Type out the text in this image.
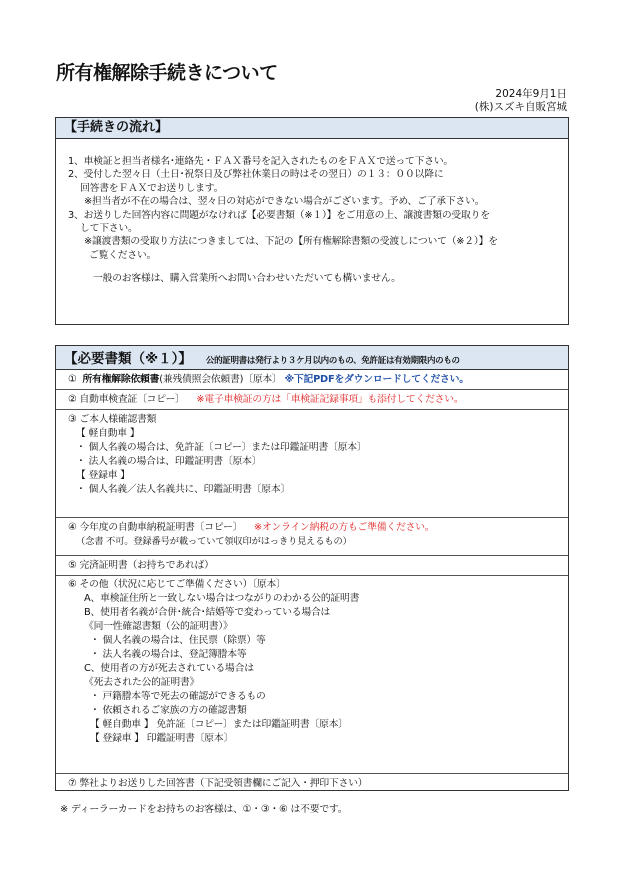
所有権解除手続きについて
2024年9月1日
(株)スズキ自販宮城
【手続きの流れ】
1、車検証と担当者様名･連絡先・ＦＡＸ番号を記入されたものをＦＡＸで送って下さい。
2、受付した翌々日（土日･祝祭日及び弊社休業日の時はその翌日）の１３：００以降に
回答書をＦＡＸでお送りします。
※担当者が不在の場合は、翌々日の対応ができない場合がございます。予め、ご了承下さい。
3、お送りした回答内容に問題がなければ【必要書類（※１）】をご用意の上、譲渡書類の受取りを
して下さい。
※譲渡書類の受取り方法につきましては、下記の【所有権解除書類の受渡しについて（※２）】を
ご覧ください。
一般のお客様は、購入営業所へお問い合わせいただいても構いません。
【必要書類（※１）】 公的証明書は発行より３ケ月以内のもの、免許証は有効期限内のもの
① 所有権解除依頼書(兼残債照会依頼書)〔原本〕 ※下記PDFをダウンロードしてください。
② 自動車検査証〔コピー〕 ※電子車検証の方は「車検証記録事項」も添付してください。
③ ご本人様確認書類
【 軽自動車 】
・ 個人名義の場合は、免許証〔コピー〕または印鑑証明書〔原本〕
・ 法人名義の場合は、印鑑証明書〔原本〕
【 登録車 】
・ 個人名義／法人名義共に、印鑑証明書〔原本〕
④ 今年度の自動車納税証明書〔コピー〕 ※オンライン納税の方もご準備ください。
（念書 不可。登録番号が載っていて領収印がはっきり見えるもの）
⑤ 完済証明書（お持ちであれば）
⑥ その他（状況に応じてご準備ください）〔原本〕
A、車検証住所と一致しない場合はつながりのわかる公的証明書
B、使用者名義が合併･統合･結婚等で変わっている場合は
《同一性確認書類（公的証明書）》
・ 個人名義の場合は、住民票（除票）等
・ 法人名義の場合は、登記簿謄本等
C、使用者の方が死去されている場合は
《死去された公的証明書》
・ 戸籍謄本等で死去の確認ができるもの
・ 依頼されるご家族の方の確認書類
【 軽自動車 】 免許証〔コピー〕または印鑑証明書〔原本〕
【 登録車 】 印鑑証明書〔原本〕
⑦ 弊社よりお送りした回答書（下記受領書欄にご記入・押印下さい）
※ ディーラーカードをお持ちのお客様は、①・③・⑥ は不要です。
